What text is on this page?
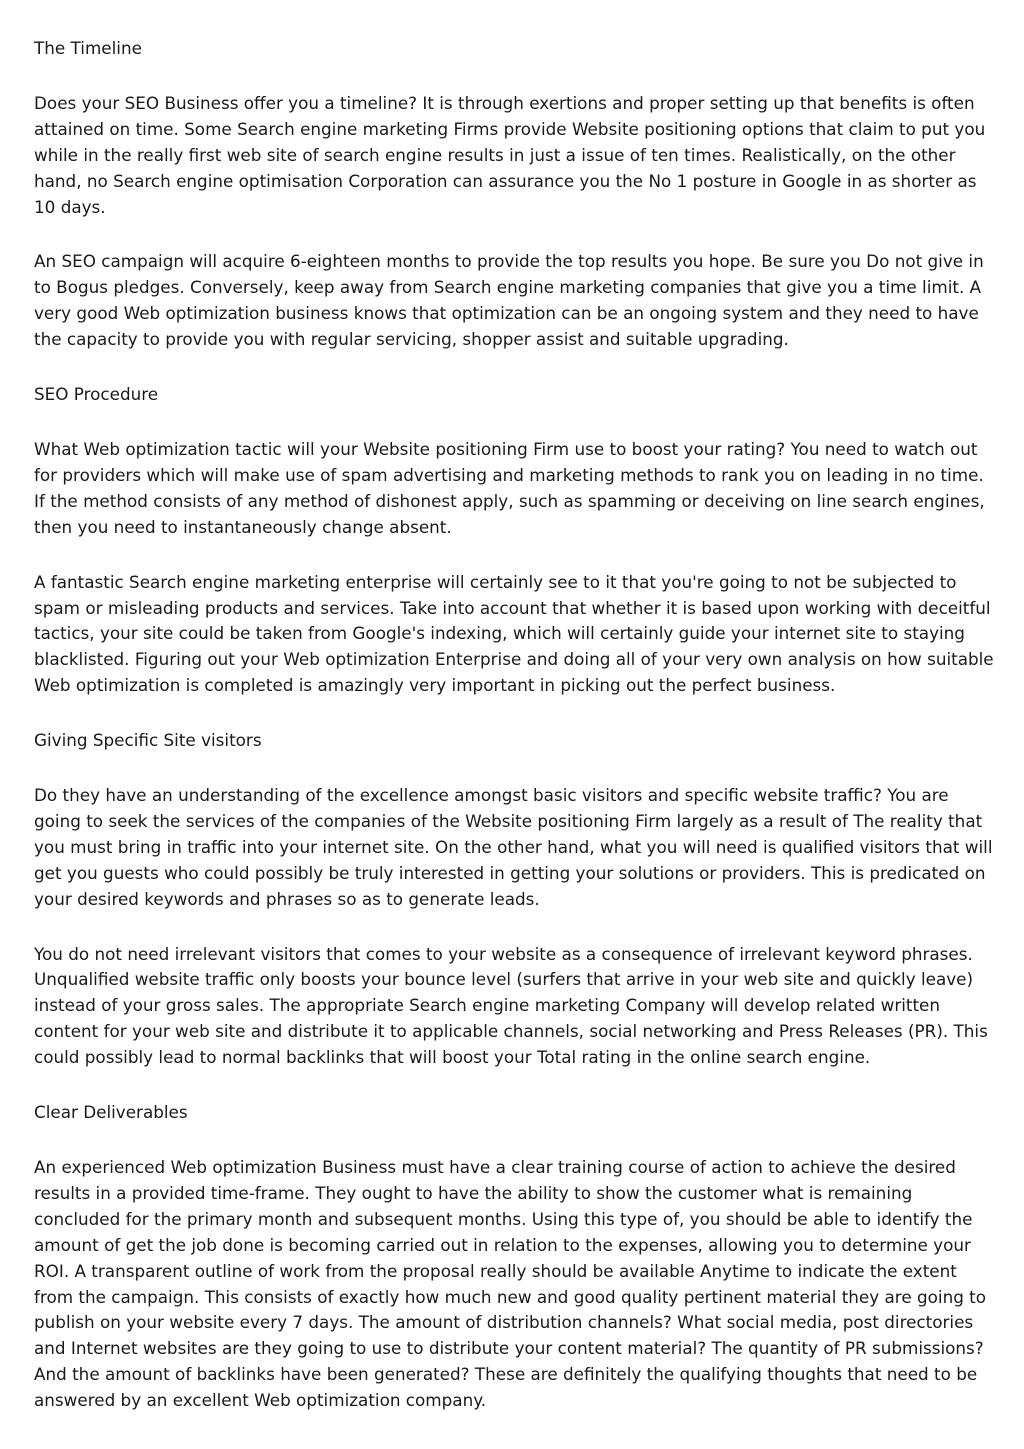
The Timeline

Does your SEO Business offer you a timeline? It is through exertions and proper setting up that benefits is often attained on time. Some Search engine marketing Firms provide Website positioning options that claim to put you while in the really first web site of search engine results in just a issue of ten times. Realistically, on the other hand, no Search engine optimisation Corporation can assurance you the No 1 posture in Google in as shorter as 10 days.

An SEO campaign will acquire 6-eighteen months to provide the top results you hope. Be sure you Do not give in to Bogus pledges. Conversely, keep away from Search engine marketing companies that give you a time limit. A very good Web optimization business knows that optimization can be an ongoing system and they need to have the capacity to provide you with regular servicing, shopper assist and suitable upgrading.

SEO Procedure

What Web optimization tactic will your Website positioning Firm use to boost your rating? You need to watch out for providers which will make use of spam advertising and marketing methods to rank you on leading in no time. If the method consists of any method of dishonest apply, such as spamming or deceiving on line search engines, then you need to instantaneously change absent.

A fantastic Search engine marketing enterprise will certainly see to it that you're going to not be subjected to spam or misleading products and services. Take into account that whether it is based upon working with deceitful tactics, your site could be taken from Google's indexing, which will certainly guide your internet site to staying blacklisted. Figuring out your Web optimization Enterprise and doing all of your very own analysis on how suitable Web optimization is completed is amazingly very important in picking out the perfect business.

Giving Specific Site visitors

Do they have an understanding of the excellence amongst basic visitors and specific website traffic? You are going to seek the services of the companies of the Website positioning Firm largely as a result of The reality that you must bring in traffic into your internet site. On the other hand, what you will need is qualified visitors that will get you guests who could possibly be truly interested in getting your solutions or providers. This is predicated on your desired keywords and phrases so as to generate leads.

You do not need irrelevant visitors that comes to your website as a consequence of irrelevant keyword phrases. Unqualified website traffic only boosts your bounce level (surfers that arrive in your web site and quickly leave) instead of your gross sales. The appropriate Search engine marketing Company will develop related written content for your web site and distribute it to applicable channels, social networking and Press Releases (PR). This could possibly lead to normal backlinks that will boost your Total rating in the online search engine.

Clear Deliverables

An experienced Web optimization Business must have a clear training course of action to achieve the desired results in a provided time-frame. They ought to have the ability to show the customer what is remaining concluded for the primary month and subsequent months. Using this type of, you should be able to identify the amount of get the job done is becoming carried out in relation to the expenses, allowing you to determine your ROI. A transparent outline of work from the proposal really should be available Anytime to indicate the extent from the campaign. This consists of exactly how much new and good quality pertinent material they are going to publish on your website every 7 days. The amount of distribution channels? What social media, post directories and Internet websites are they going to use to distribute your content material? The quantity of PR submissions? And the amount of backlinks have been generated? These are definitely the qualifying thoughts that need to be answered by an excellent Web optimization company.
